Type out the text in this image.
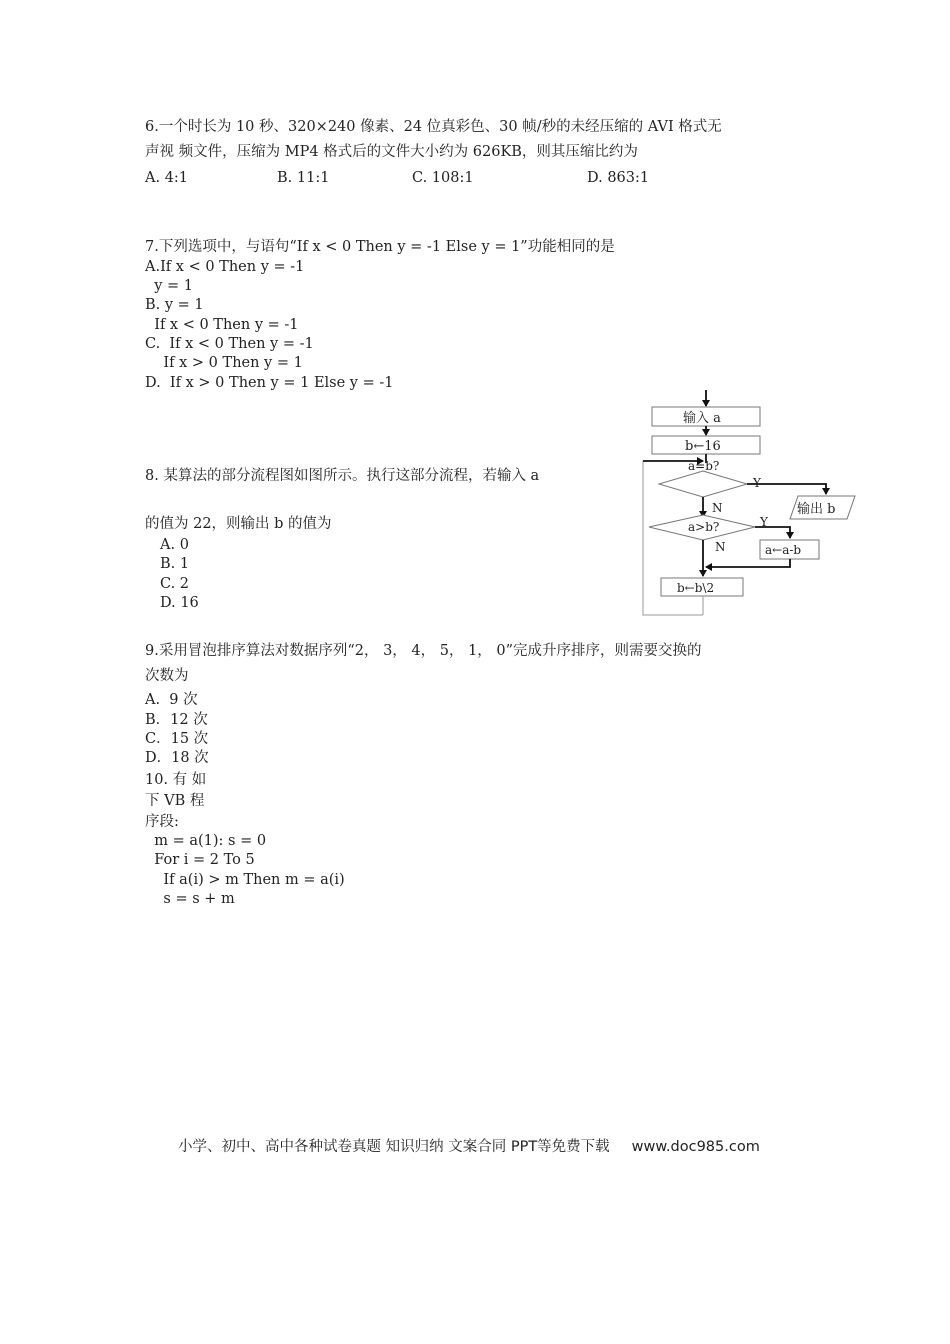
6.一个时长为 10 秒、320×240 像素、24 位真彩色、30 帧/秒的未经压缩的 AVI 格式无
声视 频文件，压缩为 MP4 格式后的文件大小约为 626KB，则其压缩比约为
A. 4:1	B. 11:1	C. 108:1	D. 863:1
7.下列选项中，与语句“If x < 0 Then y = -1 Else y = 1”功能相同的是
A.If x < 0 Then y = -1
y = 1
B. y = 1
If x < 0 Then y = -1
C.  If x < 0 Then y = -1
If x > 0 Then y = 1
D.  If x > 0 Then y = 1 Else y = -1
8. 某算法的部分流程图如图所示。执行这部分流程，若输入 a
的值为 22，则输出 b 的值为
A. 0
B. 1
C. 2
D. 16
输入 a
b←16
a=b?
Y
输出 b
N
a>b?	Y
a←a-b
N
b←b\2
9.采用冒泡排序算法对数据序列“2， 3， 4， 5， 1， 0”完成升序排序，则需要交换的
次数为
A.  9 次
B．12 次
C．15 次
D．18 次
10. 有 如
下 VB 程
序段:
m = a(1): s = 0
For i = 2 To 5
If a(i) > m Then m = a(i)
s = s + m
小学、初中、高中各种试卷真题 知识归纳 文案合同 PPT等免费下载 www.doc985.com
